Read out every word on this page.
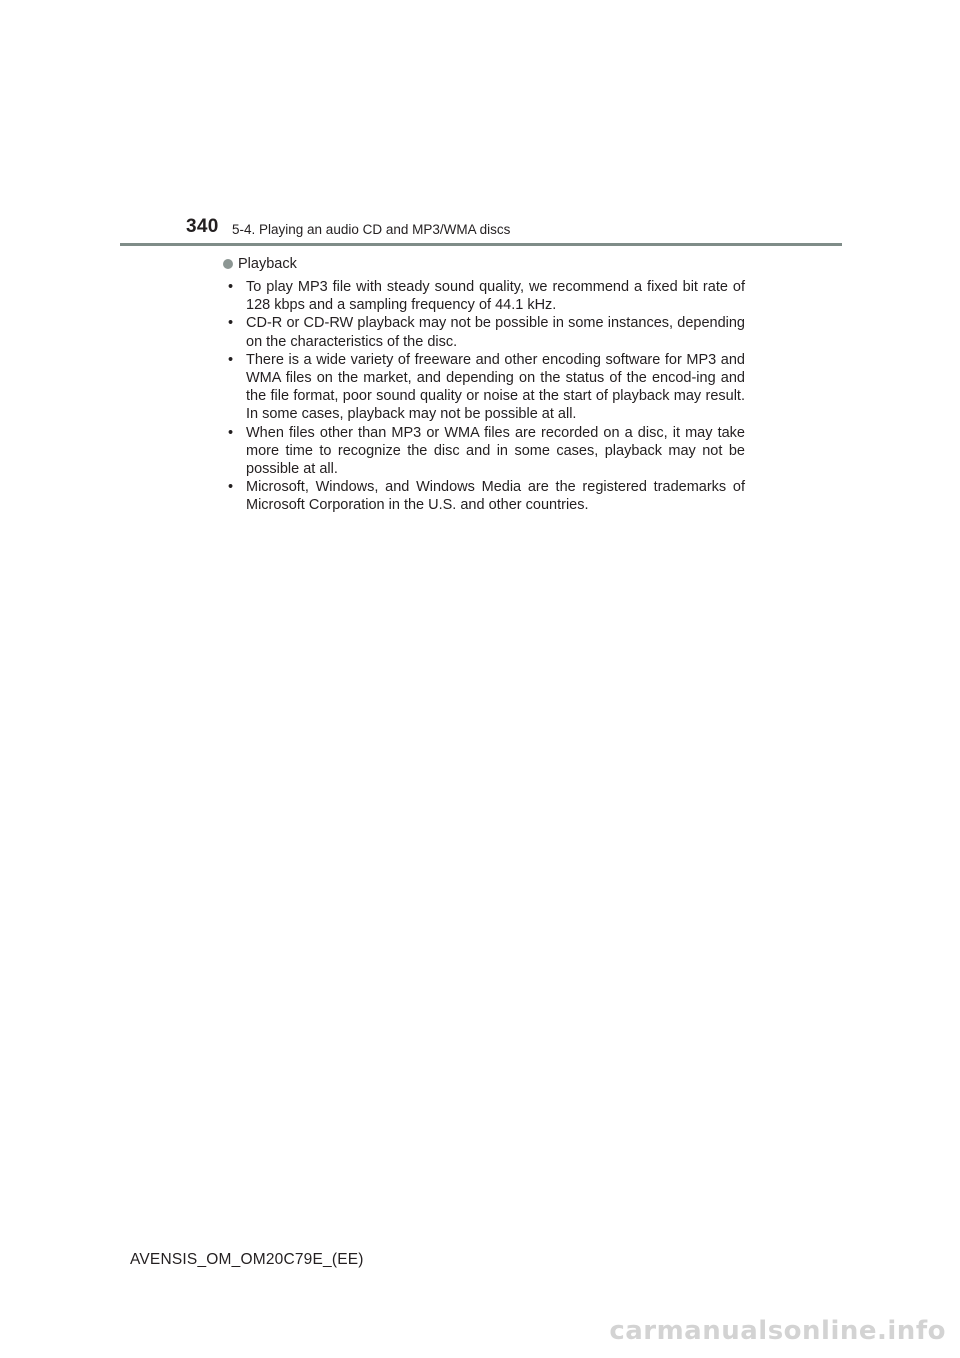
340 5-4. Playing an audio CD and MP3/WMA discs
Playback
• To play MP3 file with steady sound quality, we recommend a fixed bit rate of 128 kbps and a sampling frequency of 44.1 kHz.
• CD-R or CD-RW playback may not be possible in some instances, depending on the characteristics of the disc.
• There is a wide variety of freeware and other encoding software for MP3 and WMA files on the market, and depending on the status of the encod-ing and the file format, poor sound quality or noise at the start of playback may result. In some cases, playback may not be possible at all.
• When files other than MP3 or WMA files are recorded on a disc, it may take more time to recognize the disc and in some cases, playback may not be possible at all.
• Microsoft, Windows, and Windows Media are the registered trademarks of Microsoft Corporation in the U.S. and other countries.
AVENSIS_OM_OM20C79E_(EE)
carmanualsonline.info
